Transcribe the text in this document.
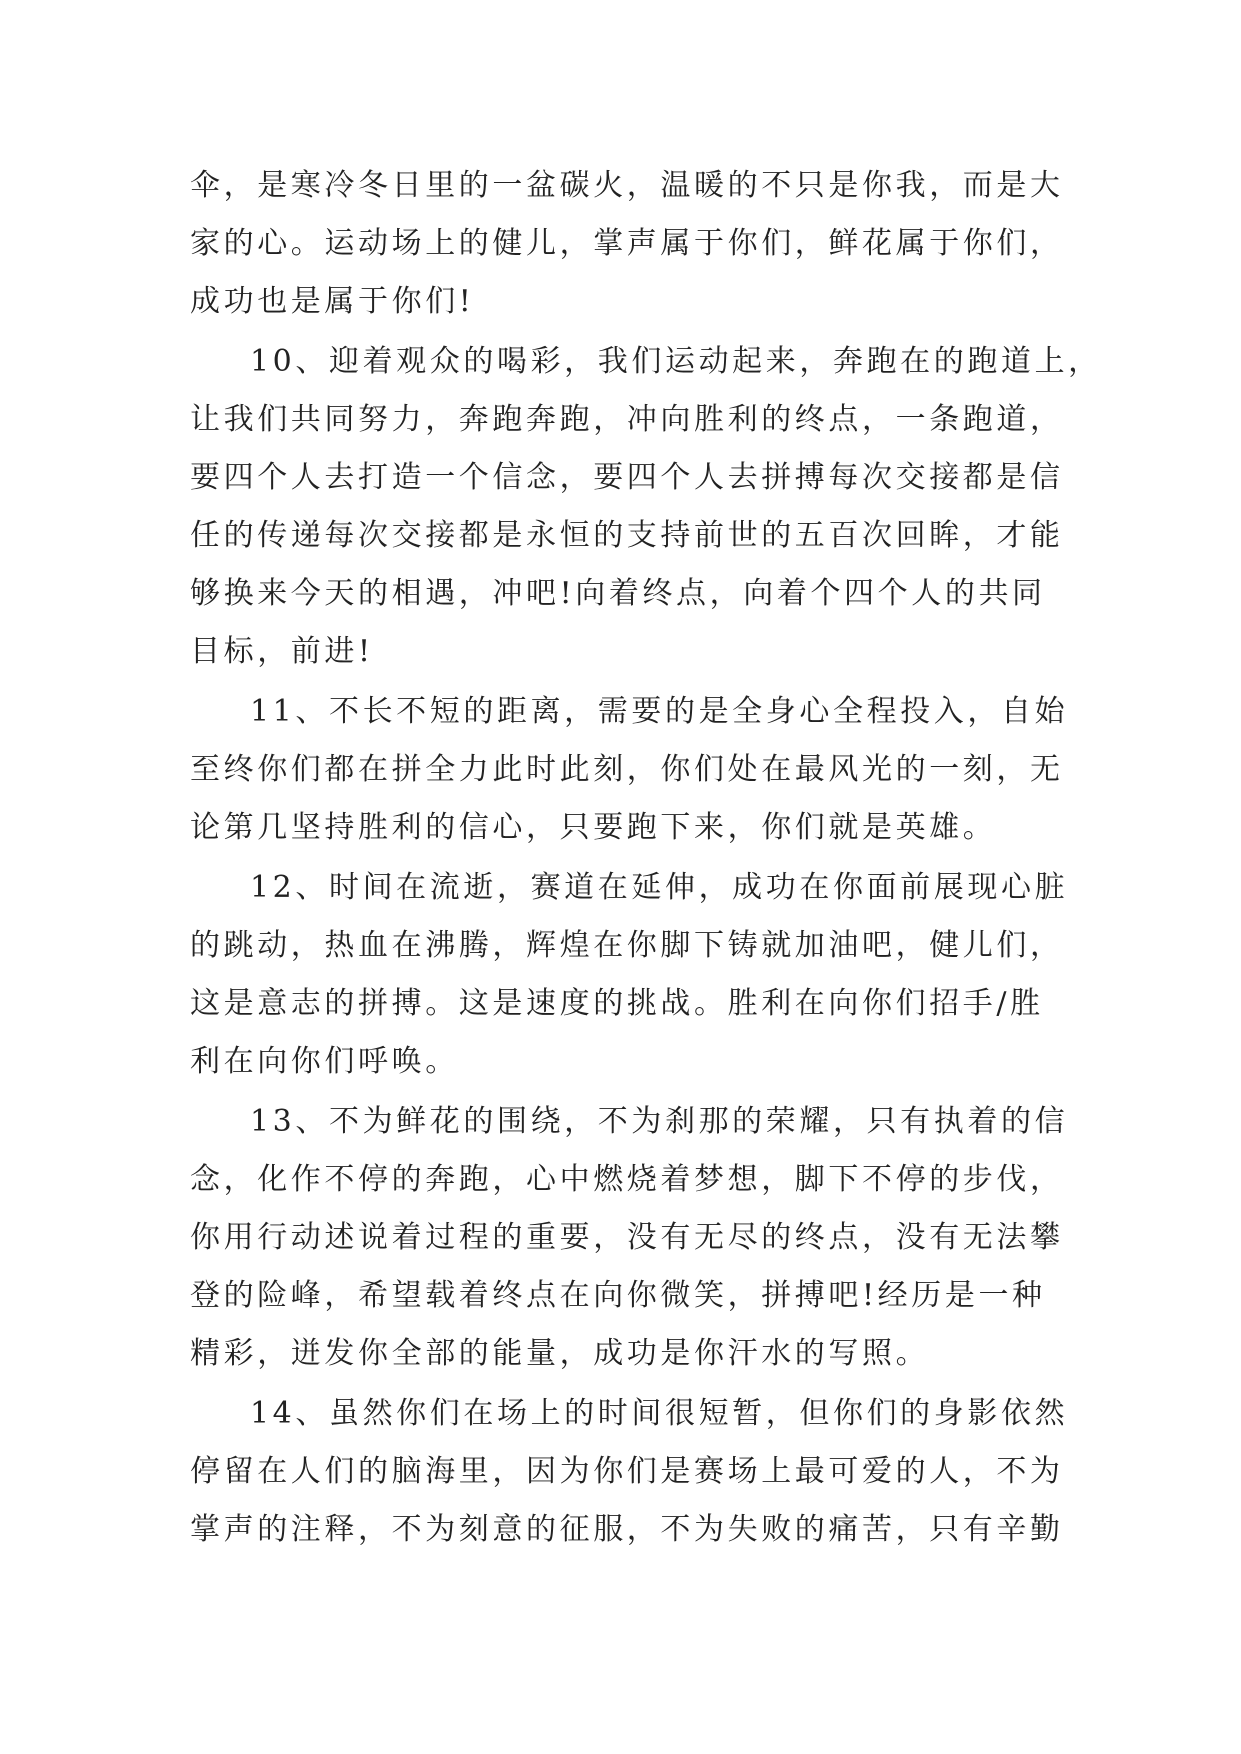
伞，是寒冷冬日里的一盆碳火，温暖的不只是你我，而是大

家的心。运动场上的健儿，掌声属于你们，鲜花属于你们，

成功也是属于你们!

10、迎着观众的喝彩，我们运动起来，奔跑在的跑道上，

让我们共同努力，奔跑奔跑，冲向胜利的终点，一条跑道，

要四个人去打造一个信念，要四个人去拼搏每次交接都是信

任的传递每次交接都是永恒的支持前世的五百次回眸，才能

够换来今天的相遇，冲吧!向着终点，向着个四个人的共同

目标，前进!

11、不长不短的距离，需要的是全身心全程投入，自始

至终你们都在拼全力此时此刻，你们处在最风光的一刻，无

论第几坚持胜利的信心，只要跑下来，你们就是英雄。

12、时间在流逝，赛道在延伸，成功在你面前展现心脏

的跳动，热血在沸腾，辉煌在你脚下铸就加油吧，健儿们，

这是意志的拼搏。这是速度的挑战。胜利在向你们招手/胜

利在向你们呼唤。

13、不为鲜花的围绕，不为刹那的荣耀，只有执着的信

念，化作不停的奔跑，心中燃烧着梦想，脚下不停的步伐，

你用行动述说着过程的重要，没有无尽的终点，没有无法攀

登的险峰，希望载着终点在向你微笑，拼搏吧!经历是一种

精彩，迸发你全部的能量，成功是你汗水的写照。

14、虽然你们在场上的时间很短暂，但你们的身影依然

停留在人们的脑海里，因为你们是赛场上最可爱的人，不为

掌声的注释，不为刻意的征服，不为失败的痛苦，只有辛勤
